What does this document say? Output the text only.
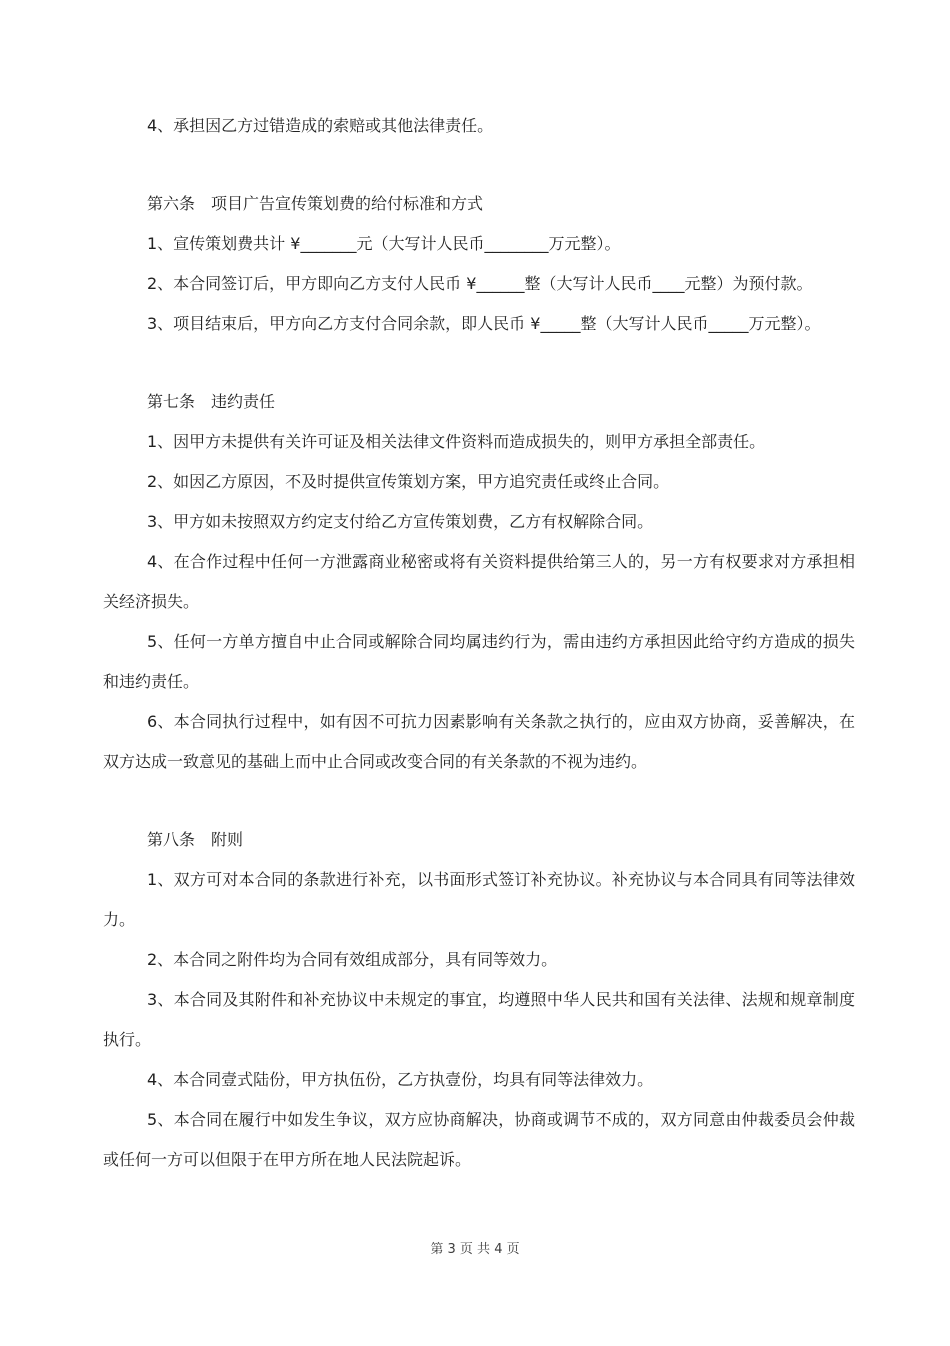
4、承担因乙方过错造成的索赔或其他法律责任。

第六条　项目广告宣传策划费的给付标准和方式

1、宣传策划费共计 ¥_______元（大写计人民币________万元整）。

2、本合同签订后，甲方即向乙方支付人民币 ¥______整（大写计人民币____元整）为预付款。

3、项目结束后，甲方向乙方支付合同余款，即人民币 ¥_____整（大写计人民币_____万元整）。

第七条　违约责任

1、因甲方未提供有关许可证及相关法律文件资料而造成损失的，则甲方承担全部责任。

2、如因乙方原因，不及时提供宣传策划方案，甲方追究责任或终止合同。

3、甲方如未按照双方约定支付给乙方宣传策划费，乙方有权解除合同。

4、在合作过程中任何一方泄露商业秘密或将有关资料提供给第三人的，另一方有权要求对方承担相关经济损失。

5、任何一方单方擅自中止合同或解除合同均属违约行为，需由违约方承担因此给守约方造成的损失和违约责任。

6、本合同执行过程中，如有因不可抗力因素影响有关条款之执行的，应由双方协商，妥善解决，在双方达成一致意见的基础上而中止合同或改变合同的有关条款的不视为违约。

第八条　附则

1、双方可对本合同的条款进行补充，以书面形式签订补充协议。补充协议与本合同具有同等法律效力。

2、本合同之附件均为合同有效组成部分，具有同等效力。

3、本合同及其附件和补充协议中未规定的事宜，均遵照中华人民共和国有关法律、法规和规章制度执行。

4、本合同壹式陆份，甲方执伍份，乙方执壹份，均具有同等法律效力。

5、本合同在履行中如发生争议，双方应协商解决，协商或调节不成的，双方同意由仲裁委员会仲裁或任何一方可以但限于在甲方所在地人民法院起诉。

第 3 页 共 4 页
